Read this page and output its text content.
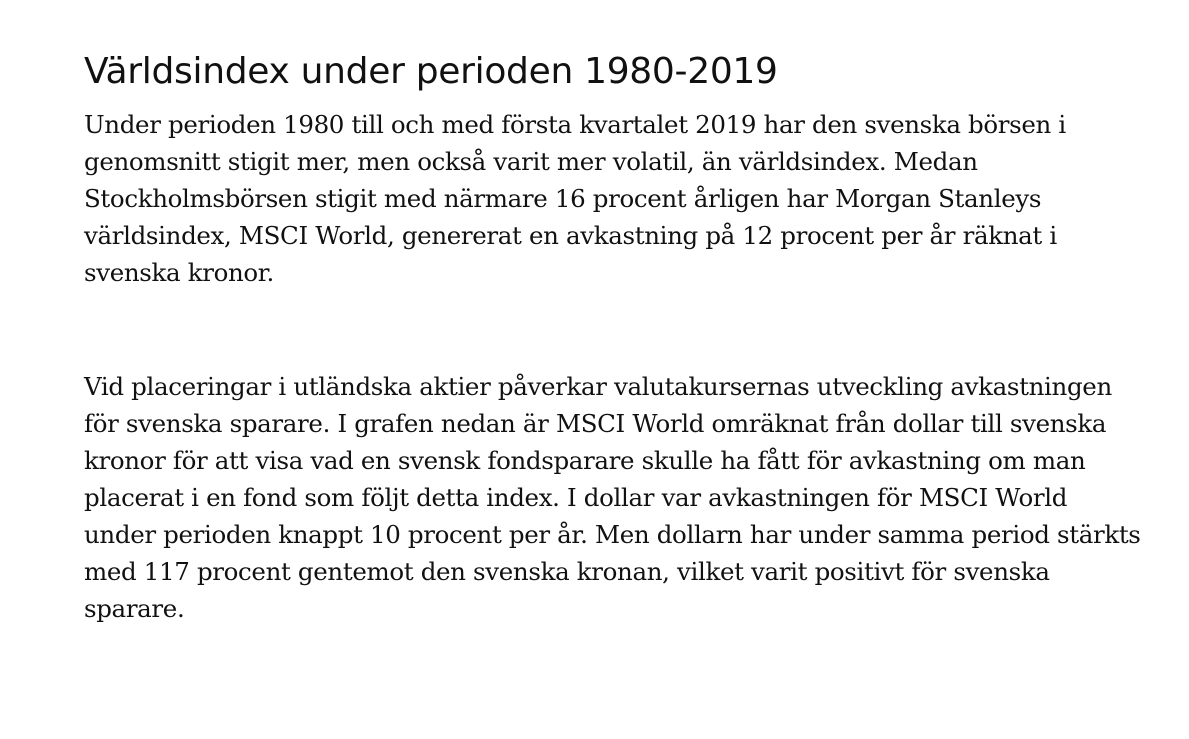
Världsindex under perioden 1980-2019

Under perioden 1980 till och med första kvartalet 2019 har den svenska börsen i genomsnitt stigit mer, men också varit mer volatil, än världsindex. Medan Stockholmsbörsen stigit med närmare 16 procent årligen har Morgan Stanleys världsindex, MSCI World, genererat en avkastning på 12 procent per år räknat i svenska kronor.

Vid placeringar i utländska aktier påverkar valutakursernas utveckling avkastningen för svenska sparare. I grafen nedan är MSCI World omräknat från dollar till svenska kronor för att visa vad en svensk fondsparare skulle ha fått för avkastning om man placerat i en fond som följt detta index. I dollar var avkastningen för MSCI World under perioden knappt 10 procent per år. Men dollarn har under samma period stärkts med 117 procent gentemot den svenska kronan, vilket varit positivt för svenska sparare.
